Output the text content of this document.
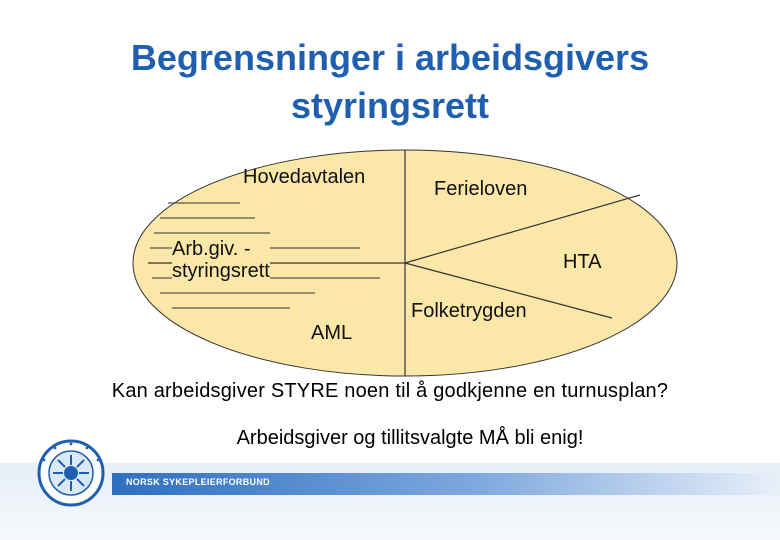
Begrensninger i arbeidsgivers
styringsrett
Hovedavtalen
Ferieloven
Arb.giv. -
styringsrett	HTA
AML
Folketrygden
Kan arbeidsgiver STYRE noen til å godkjenne en turnusplan?
Arbeidsgiver og tillitsvalgte MÅ bli enig!
NORSK SYKEPLEIERFORBUND
